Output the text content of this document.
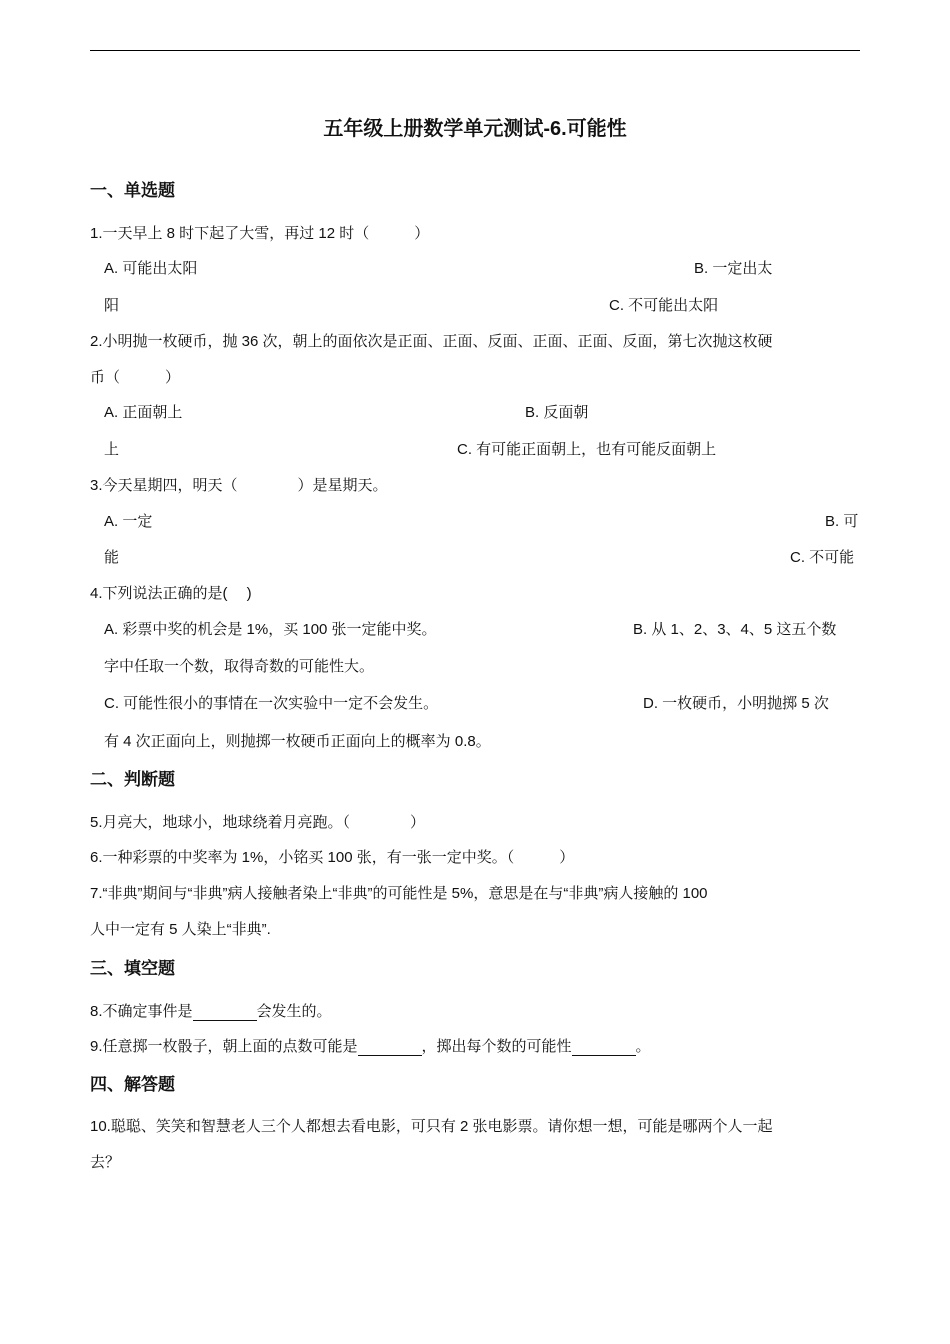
五年级上册数学单元测试-6.可能性
一、单选题
1.一天早上 8 时下起了大雪，再过 12 时（　　　）
A. 可能出太阳	B. 一定出太
阳	C. 不可能出太阳
2.小明抛一枚硬币，抛 36 次，朝上的面依次是正面、正面、反面、正面、正面、反面，第七次抛这枚硬
币（　　　）
A. 正面朝上	B. 反面朝
上	C. 有可能正面朝上，也有可能反面朝上
3.今天星期四，明天（　　　　）是星期天。
A. 一定	B. 可
能	C. 不可能
4.下列说法正确的是(　 )
A. 彩票中奖的机会是 1%，买 100 张一定能中奖。	B. 从 1、2、3、4、5 这五个数
字中任取一个数，取得奇数的可能性大。
C. 可能性很小的事情在一次实验中一定不会发生。	D. 一枚硬币，小明抛掷 5 次
有 4 次正面向上，则抛掷一枚硬币正面向上的概率为 0.8。
二、判断题
5.月亮大，地球小，地球绕着月亮跑。（　　　　）
6.一种彩票的中奖率为 1%，小铭买 100 张，有一张一定中奖。（　　　）
7.“非典”期间与“非典”病人接触者染上“非典”的可能性是 5%，意思是在与“非典”病人接触的 100
人中一定有 5 人染上“非典”.
三、填空题
8.不确定事件是	会发生的。
9.任意掷一枚骰子，朝上面的点数可能是	，掷出每个数的可能性	。
四、解答题
10.聪聪、笑笑和智慧老人三个人都想去看电影，可只有 2 张电影票。请你想一想，可能是哪两个人一起
去？
